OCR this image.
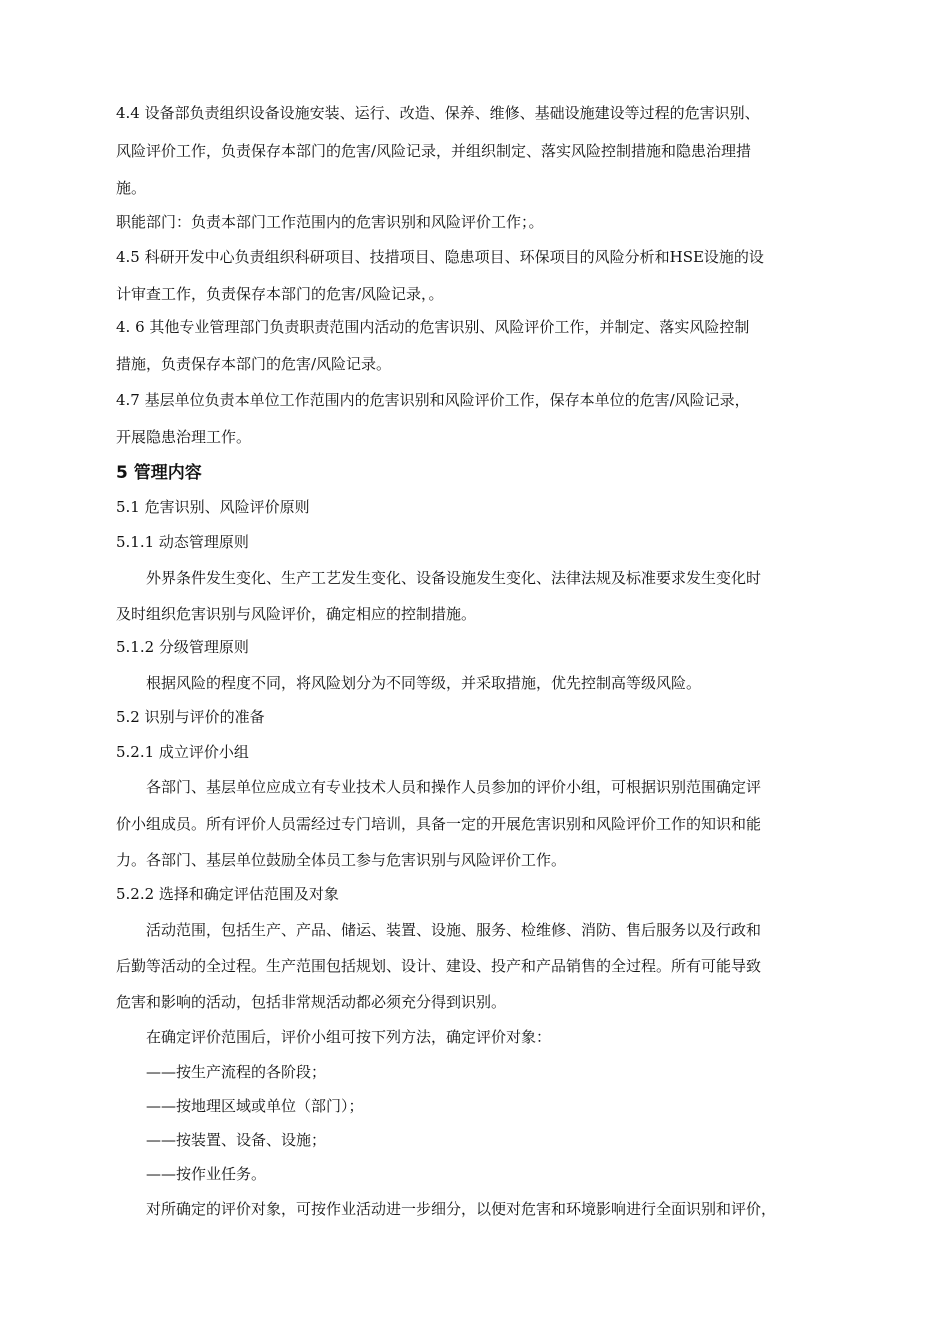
4.4 设备部负责组织设备设施安装、运行、改造、保养、维修、基础设施建设等过程的危害识别、
风险评价工作，负责保存本部门的危害/风险记录，并组织制定、落实风险控制措施和隐患治理措
施。
职能部门：负责本部门工作范围内的危害识别和风险评价工作；。
4.5 科研开发中心负责组织科研项目、技措项目、隐患项目、环保项目的风险分析和HSE设施的设
计审查工作，负责保存本部门的危害/风险记录，。
4. 6 其他专业管理部门负责职责范围内活动的危害识别、风险评价工作，并制定、落实风险控制
措施，负责保存本部门的危害/风险记录。
4.7 基层单位负责本单位工作范围内的危害识别和风险评价工作，保存本单位的危害/风险记录，
开展隐患治理工作。
5 管理内容
5.1 危害识别、风险评价原则
5.1.1 动态管理原则
外界条件发生变化、生产工艺发生变化、设备设施发生变化、法律法规及标准要求发生变化时
及时组织危害识别与风险评价，确定相应的控制措施。
5.1.2 分级管理原则
根据风险的程度不同，将风险划分为不同等级，并采取措施，优先控制高等级风险。
5.2 识别与评价的准备
5.2.1 成立评价小组
各部门、基层单位应成立有专业技术人员和操作人员参加的评价小组，可根据识别范围确定评
价小组成员。所有评价人员需经过专门培训，具备一定的开展危害识别和风险评价工作的知识和能
力。各部门、基层单位鼓励全体员工参与危害识别与风险评价工作。
5.2.2 选择和确定评估范围及对象
活动范围，包括生产、产品、储运、装置、设施、服务、检维修、消防、售后服务以及行政和
后勤等活动的全过程。生产范围包括规划、设计、建设、投产和产品销售的全过程。所有可能导致
危害和影响的活动，包括非常规活动都必须充分得到识别。
在确定评价范围后，评价小组可按下列方法，确定评价对象：
——按生产流程的各阶段；
——按地理区域或单位（部门）；
——按装置、设备、设施；
——按作业任务。
对所确定的评价对象，可按作业活动进一步细分，以便对危害和环境影响进行全面识别和评价，
